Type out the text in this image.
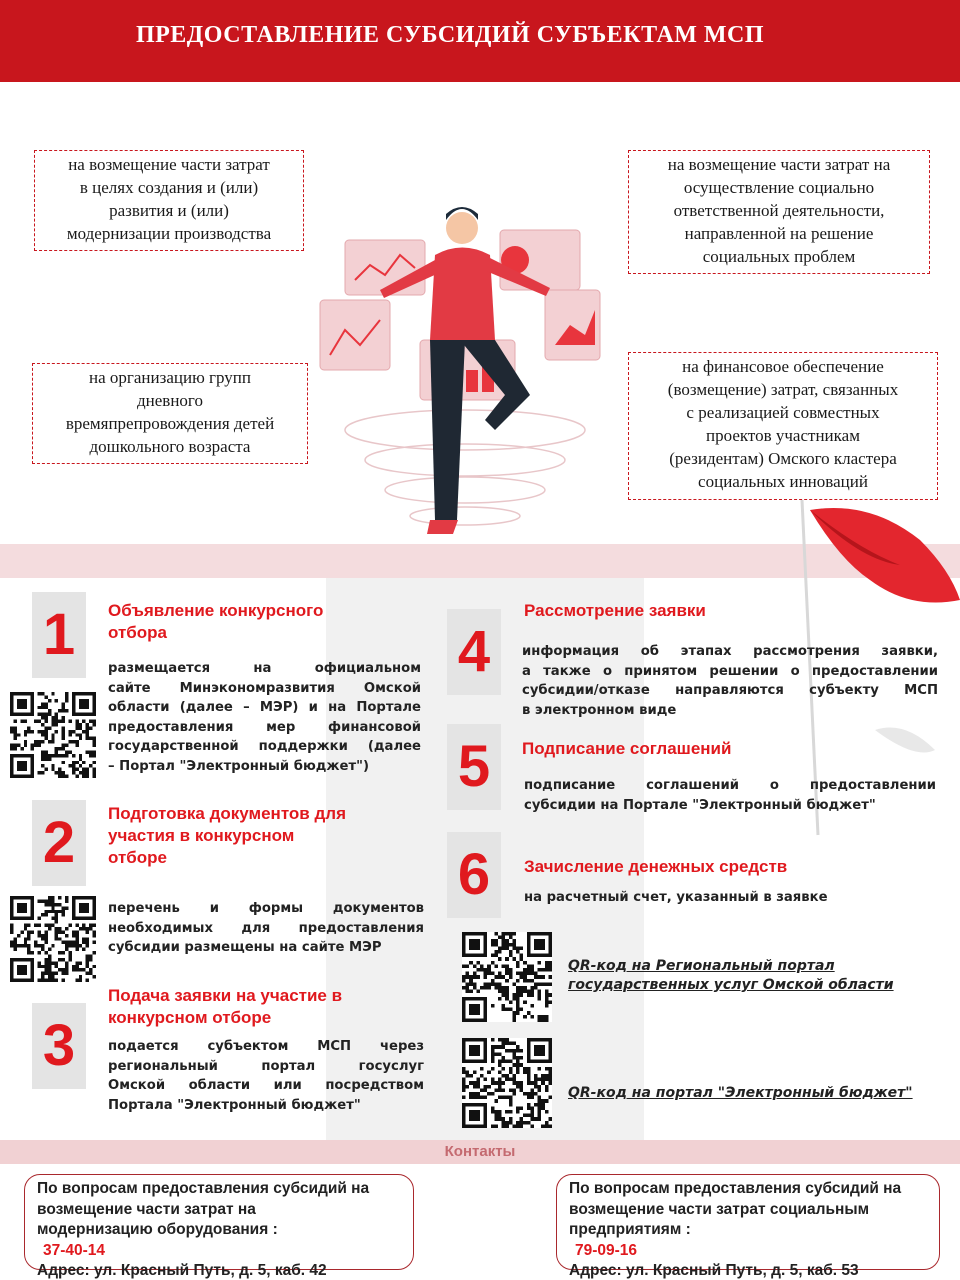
ПРЕДОСТАВЛЕНИЕ СУБСИДИЙ СУБЪЕКТАМ МСП
на возмещение части затрат
в целях создания и (или)
развития и (или)
модернизации производства
на возмещение части затрат на
осуществление социально
ответственной деятельности,
направленной на решение
социальных проблем
на организацию групп
дневного
времяпрепровождения детей
дошкольного возраста
на финансовое обеспечение
(возмещение) затрат, связанных
с реализацией совместных
проектов участникам
(резидентам) Омского кластера
социальных инноваций
1	Объявление конкурсного
отбора
размещается на официальном
сайте Минэкономразвития Омской
области (далее – МЭР) и на Портале
предоставления мер финансовой
государственной поддержки (далее
– Портал "Электронный бюджет")
2	Подготовка документов для
участия в конкурсном
отборе
перечень и формы документов
необходимых для предоставления
субсидии размещены на сайте МЭР
3
Подача заявки на участие в
конкурсном отборе
подается субъектом МСП через
региональный портал госуслуг
Омской области или посредством
Портала "Электронный бюджет"
4
Рассмотрение заявки
информация об этапах рассмотрения заявки,
а также о принятом решении о предоставлении
субсидии/отказе направляются субъекту МСП
в электронном виде
5	Подписание соглашений
подписание соглашений о предоставлении
субсидии на Портале "Электронный бюджет"
6	Зачисление денежных средств
на расчетный счет, указанный в заявке
QR-код на Региональный портал
государственных услуг Омской области
QR-код на портал "Электронный бюджет"
Контакты
По вопросам предоставления субсидий на
возмещение части затрат на
модернизацию оборудования :
37-40-14
Адрес: ул. Красный Путь, д. 5, каб. 42
По вопросам предоставления субсидий на
возмещение части затрат социальным
предприятиям :
79-09-16
Адрес: ул. Красный Путь, д. 5, каб. 53
